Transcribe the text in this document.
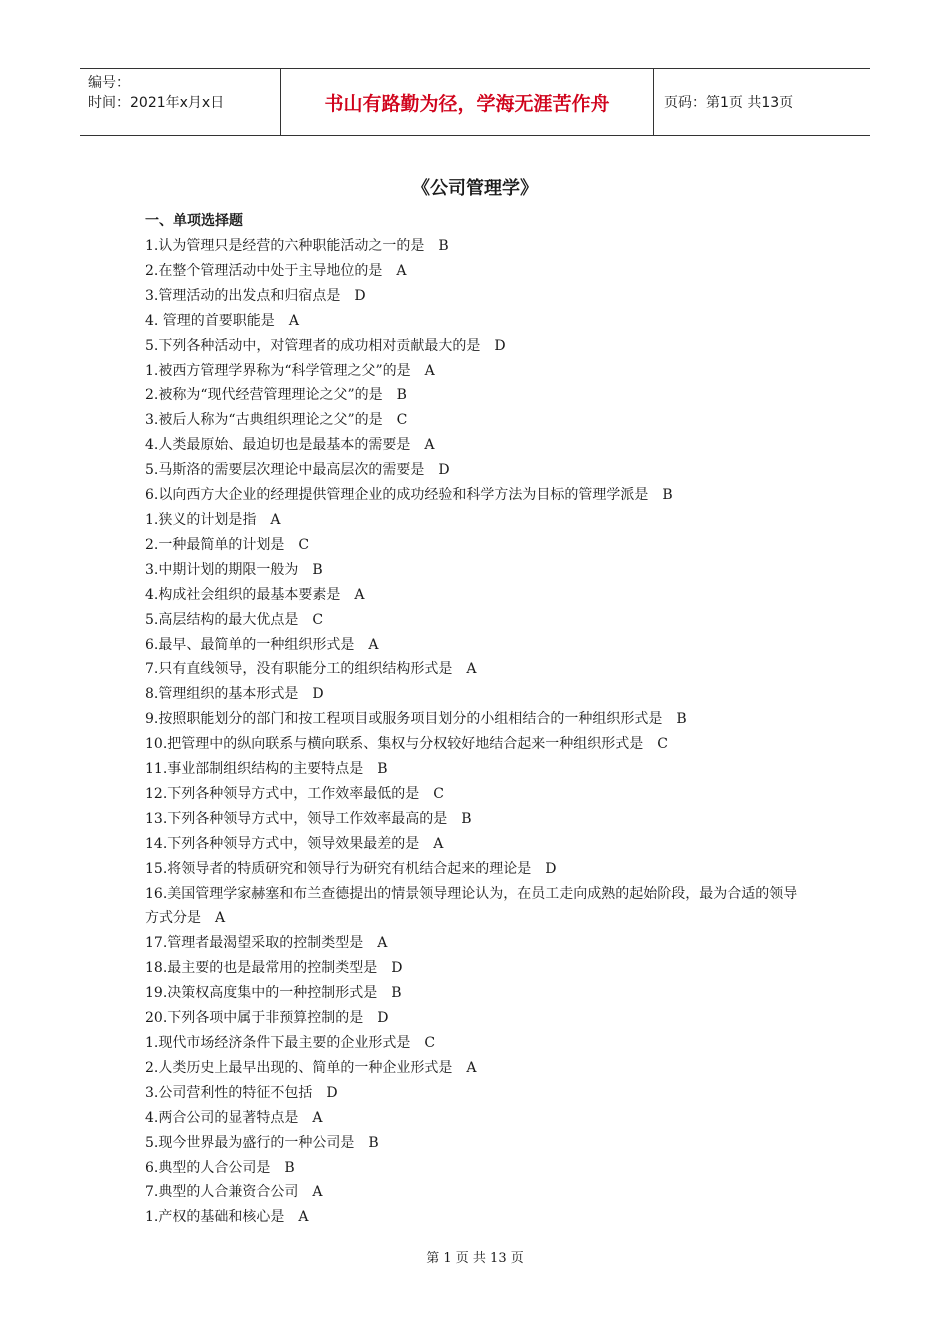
编号：
时间：2021年x月x日	书山有路勤为径，学海无涯苦作舟	页码：第1页 共13页
《公司管理学》
一、单项选择题
1.认为管理只是经营的六种职能活动之一的是 B
2.在整个管理活动中处于主导地位的是 A
3.管理活动的出发点和归宿点是 D
4. 管理的首要职能是 A
5.下列各种活动中，对管理者的成功相对贡献最大的是 D
1.被西方管理学界称为“科学管理之父”的是 A
2.被称为“现代经营管理理论之父”的是 B
3.被后人称为“古典组织理论之父”的是 C
4.人类最原始、最迫切也是最基本的需要是 A
5.马斯洛的需要层次理论中最高层次的需要是 D
6.以向西方大企业的经理提供管理企业的成功经验和科学方法为目标的管理学派是 B
1.狭义的计划是指 A
2.一种最简单的计划是 C
3.中期计划的期限一般为 B
4.构成社会组织的最基本要素是 A
5.高层结构的最大优点是 C
6.最早、最简单的一种组织形式是 A
7.只有直线领导，没有职能分工的组织结构形式是 A
8.管理组织的基本形式是 D
9.按照职能划分的部门和按工程项目或服务项目划分的小组相结合的一种组织形式是 B
10.把管理中的纵向联系与横向联系、集权与分权较好地结合起来一种组织形式是 C
11.事业部制组织结构的主要特点是 B
12.下列各种领导方式中，工作效率最低的是 C
13.下列各种领导方式中，领导工作效率最高的是 B
14.下列各种领导方式中，领导效果最差的是 A
15.将领导者的特质研究和领导行为研究有机结合起来的理论是 D
16.美国管理学家赫塞和布兰查德提出的情景领导理论认为，在员工走向成熟的起始阶段，最为合适的领导方式分是 A
17.管理者最渴望采取的控制类型是 A
18.最主要的也是最常用的控制类型是 D
19.决策权高度集中的一种控制形式是 B
20.下列各项中属于非预算控制的是 D
1.现代市场经济条件下最主要的企业形式是 C
2.人类历史上最早出现的、简单的一种企业形式是 A
3.公司营利性的特征不包括 D
4.两合公司的显著特点是 A
5.现今世界最为盛行的一种公司是 B
6.典型的人合公司是 B
7.典型的人合兼资合公司 A
1.产权的基础和核心是 A
第 1 页 共 13 页
